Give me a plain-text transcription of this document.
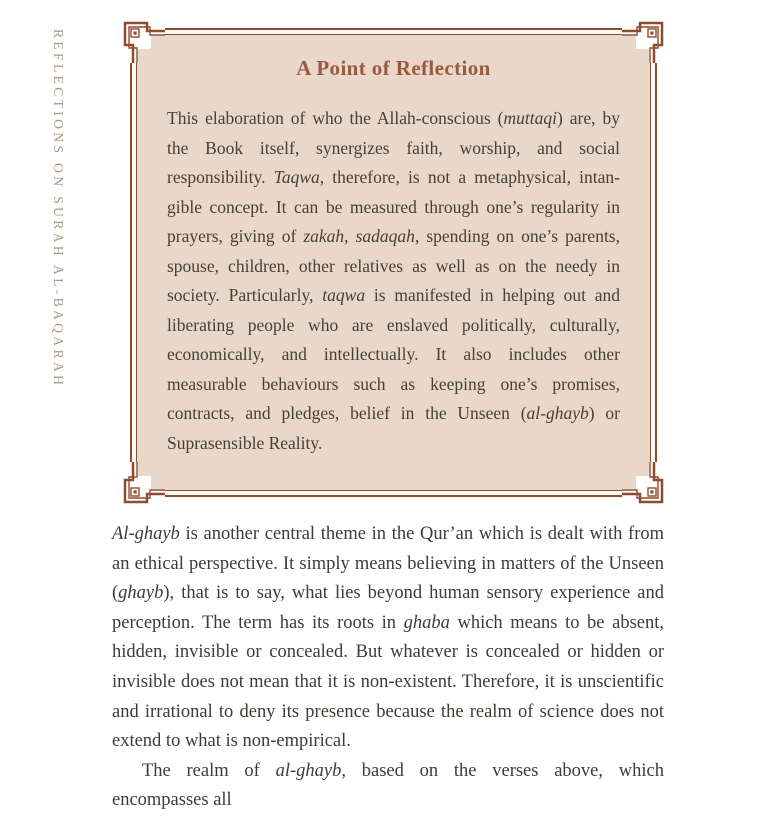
REFLECTIONS ON SURAH AL-BAQARAH	A Point of Reflection

This elaboration of who the Allah-conscious (muttaqi) are, by the Book itself, synergizes faith, worship, and social responsibility. Taqwa, therefore, is not a metaphysical, intan-gible concept. It can be measured through one’s regularity in prayers, giving of zakah, sadaqah, spending on one’s parents, spouse, children, other relatives as well as on the needy in society. Particularly, taqwa is manifested in helping out and liberating people who are enslaved politically, culturally, economically, and intellectually. It also includes other measurable behaviours such as keeping one’s promises, contracts, and pledges, belief in the Unseen (al-ghayb) or Suprasensible Reality.

Al-ghayb is another central theme in the Qur’an which is dealt with from an ethical perspective. It simply means believing in matters of the Unseen (ghayb), that is to say, what lies beyond human sensory experience and perception. The term has its roots in ghaba which means to be absent, hidden, invisible or concealed. But whatever is concealed or hidden or invisible does not mean that it is non-existent. Therefore, it is unscientific and irrational to deny its presence because the realm of science does not extend to what is non-empirical.

The realm of al-ghayb, based on the verses above, which encompasses all
